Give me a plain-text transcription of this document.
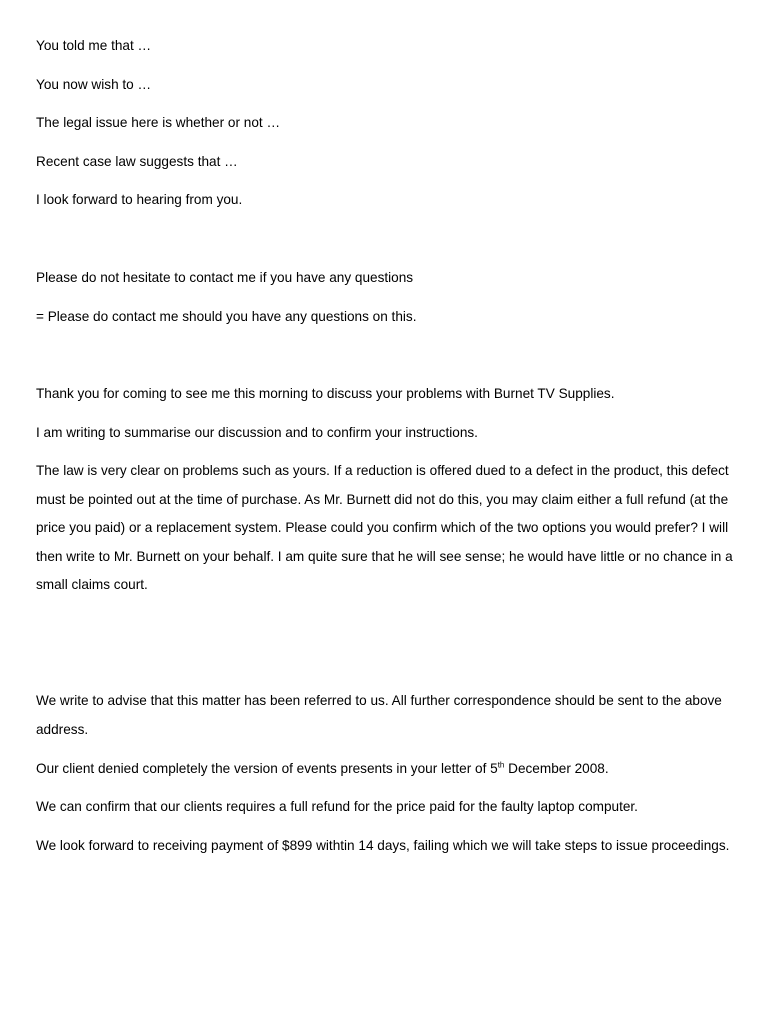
You told me that …

You now wish to …

The legal issue here is whether or not …

Recent case law suggests that …

I look forward to hearing from you.

Please do not hesitate to contact me if you have any questions

= Please do contact me should you have any questions on this.

Thank you for coming to see me this morning to discuss your problems with Burnet TV Supplies.

I am writing to summarise our discussion and to confirm your instructions.

The law is very clear on problems such as yours. If a reduction is offered dued to a defect in the product, this defect must be pointed out at the time of purchase. As Mr. Burnett did not do this, you may claim either a full refund (at the price you paid) or a replacement system. Please could you confirm which of the two options you would prefer? I will then write to Mr. Burnett on your behalf. I am quite sure that he will see sense; he would have little or no chance in a small claims court.

We write to advise that this matter has been referred to us. All further correspondence should be sent to the above address.

Our client denied completely the version of events presents in your letter of 5th December 2008.

We can confirm that our clients requires a full refund for the price paid for the faulty laptop computer.

We look forward to receiving payment of $899 withtin 14 days, failing which we will take steps to issue proceedings.
